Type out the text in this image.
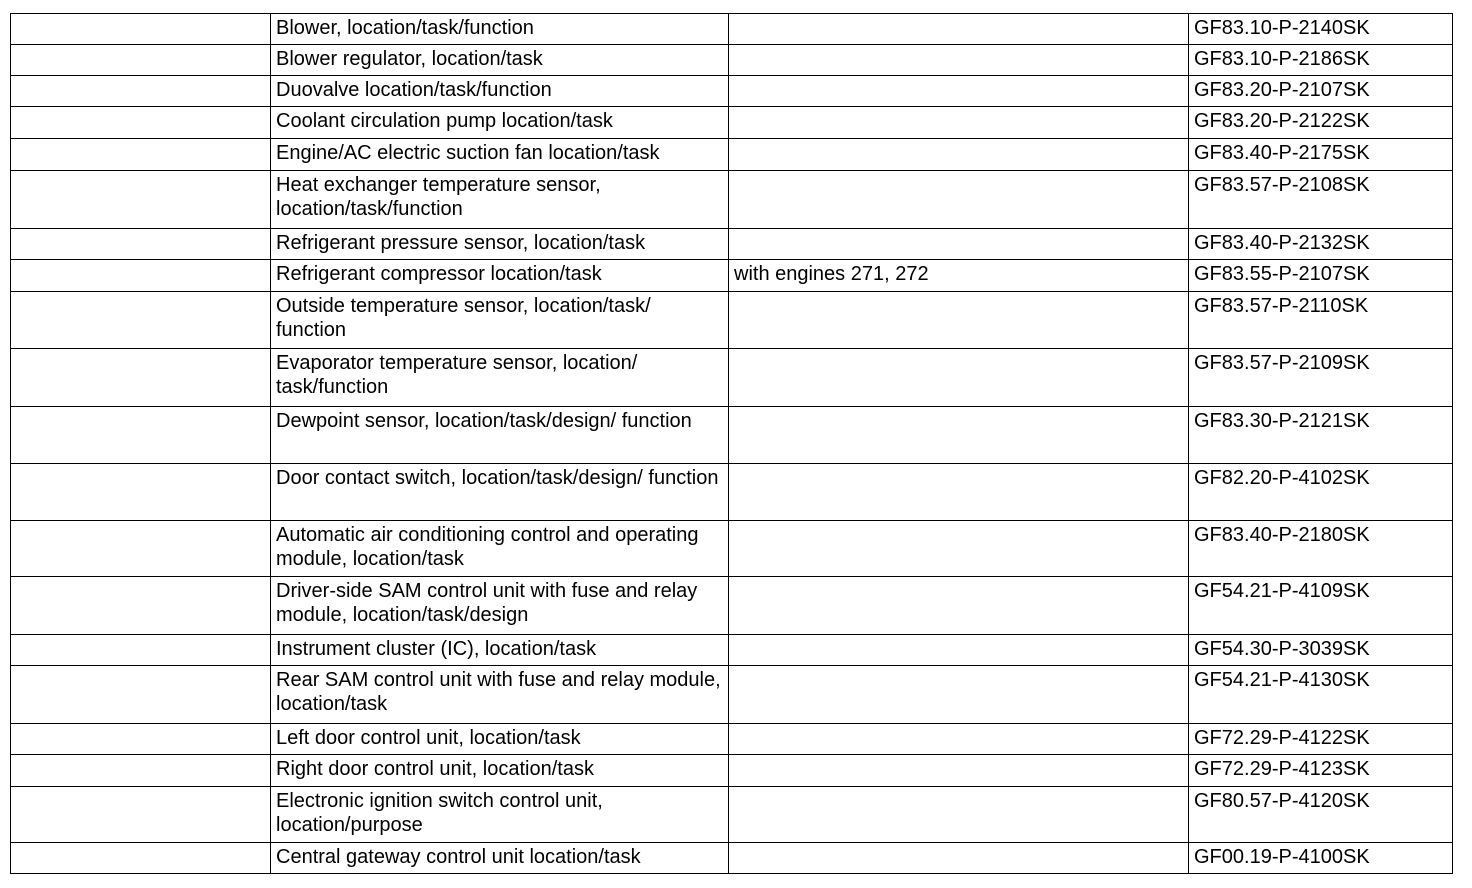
	Blower, location/task/function		GF83.10-P-2140SK
	Blower regulator, location/task		GF83.10-P-2186SK
	Duovalve location/task/function		GF83.20-P-2107SK
	Coolant circulation pump location/task		GF83.20-P-2122SK
	Engine/AC electric suction fan location/task		GF83.40-P-2175SK
	Heat exchanger temperature sensor, location/task/function		GF83.57-P-2108SK
	Refrigerant pressure sensor, location/task		GF83.40-P-2132SK
	Refrigerant compressor location/task	with engines 271, 272	GF83.55-P-2107SK
	Outside temperature sensor, location/task/ function		GF83.57-P-2110SK
	Evaporator temperature sensor, location/ task/function		GF83.57-P-2109SK
	Dewpoint sensor, location/task/design/ function		GF83.30-P-2121SK
	Door contact switch, location/task/design/ function		GF82.20-P-4102SK
	Automatic air conditioning control and operating module, location/task		GF83.40-P-2180SK
	Driver-side SAM control unit with fuse and relay module, location/task/design		GF54.21-P-4109SK
	Instrument cluster (IC), location/task		GF54.30-P-3039SK
	Rear SAM control unit with fuse and relay module, location/task		GF54.21-P-4130SK
	Left door control unit, location/task		GF72.29-P-4122SK
	Right door control unit, location/task		GF72.29-P-4123SK
	Electronic ignition switch control unit, location/purpose		GF80.57-P-4120SK
	Central gateway control unit location/task		GF00.19-P-4100SK
